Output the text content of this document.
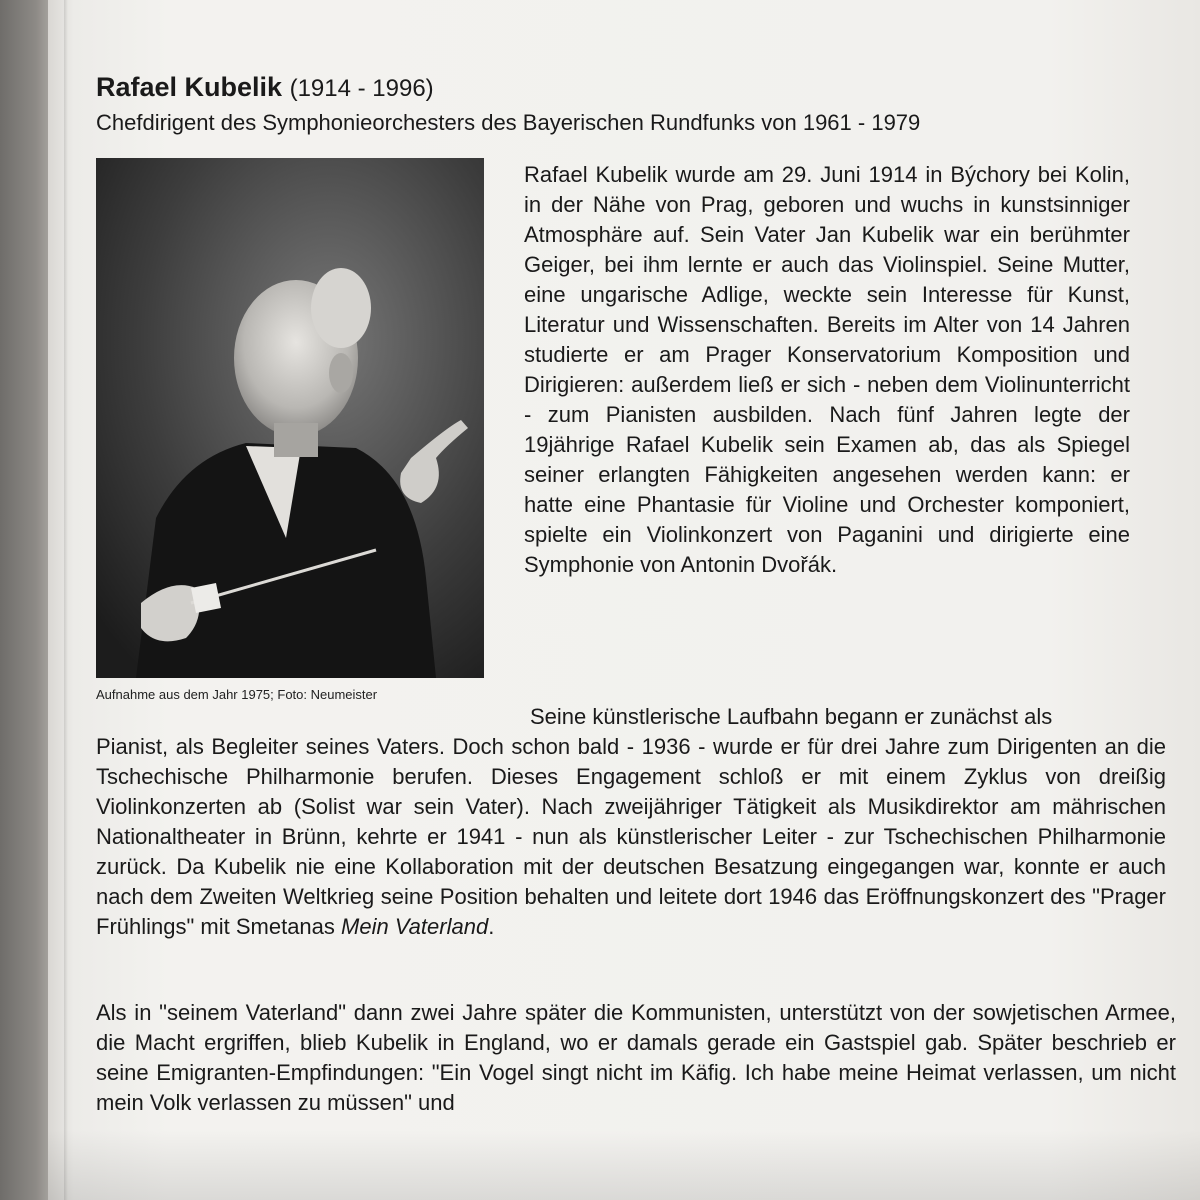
Rafael Kubelik (1914 - 1996)
Chefdirigent des Symphonieorchesters des Bayerischen Rundfunks von 1961 - 1979
Aufnahme aus dem Jahr 1975; Foto: Neumeister
Rafael Kubelik wurde am 29. Juni 1914 in Býchory bei Kolin, in der Nähe von Prag, geboren und wuchs in kunstsinniger Atmosphäre auf. Sein Vater Jan Kubelik war ein berühmter Geiger, bei ihm lernte er auch das Violinspiel. Seine Mutter, eine ungarische Adlige, weckte sein Interesse für Kunst, Literatur und Wissenschaften. Bereits im Alter von 14 Jahren studierte er am Prager Konservatorium Komposition und Dirigieren: außerdem ließ er sich - neben dem Violinunterricht - zum Pianisten ausbilden. Nach fünf Jahren legte der 19jährige Rafael Kubelik sein Examen ab, das als Spiegel seiner erlangten Fähigkeiten angesehen werden kann: er hatte eine Phantasie für Violine und Orchester komponiert, spielte ein Violinkonzert von Paganini und dirigierte eine Symphonie von Antonin Dvořák.
Seine künstlerische Laufbahn begann er zunächst als
Pianist, als Begleiter seines Vaters. Doch schon bald - 1936 - wurde er für drei Jahre zum Dirigenten an die Tschechische Philharmonie berufen. Dieses Engagement schloß er mit einem Zyklus von dreißig Violinkonzerten ab (Solist war sein Vater). Nach zweijähriger Tätigkeit als Musikdirektor am mährischen Nationaltheater in Brünn, kehrte er 1941 - nun als künstlerischer Leiter - zur Tschechischen Philharmonie zurück. Da Kubelik nie eine Kollaboration mit der deutschen Besatzung eingegangen war, konnte er auch nach dem Zweiten Weltkrieg seine Position behalten und leitete dort 1946 das Eröffnungskonzert des "Prager Frühlings" mit Smetanas Mein Vaterland.
Als in "seinem Vaterland" dann zwei Jahre später die Kommunisten, unterstützt von der sowjetischen Armee, die Macht ergriffen, blieb Kubelik in England, wo er damals gerade ein Gastspiel gab. Später beschrieb er seine Emigranten-Empfindungen: "Ein Vogel singt nicht im Käfig. Ich habe meine Heimat verlassen, um nicht mein Volk verlassen zu müssen" und
